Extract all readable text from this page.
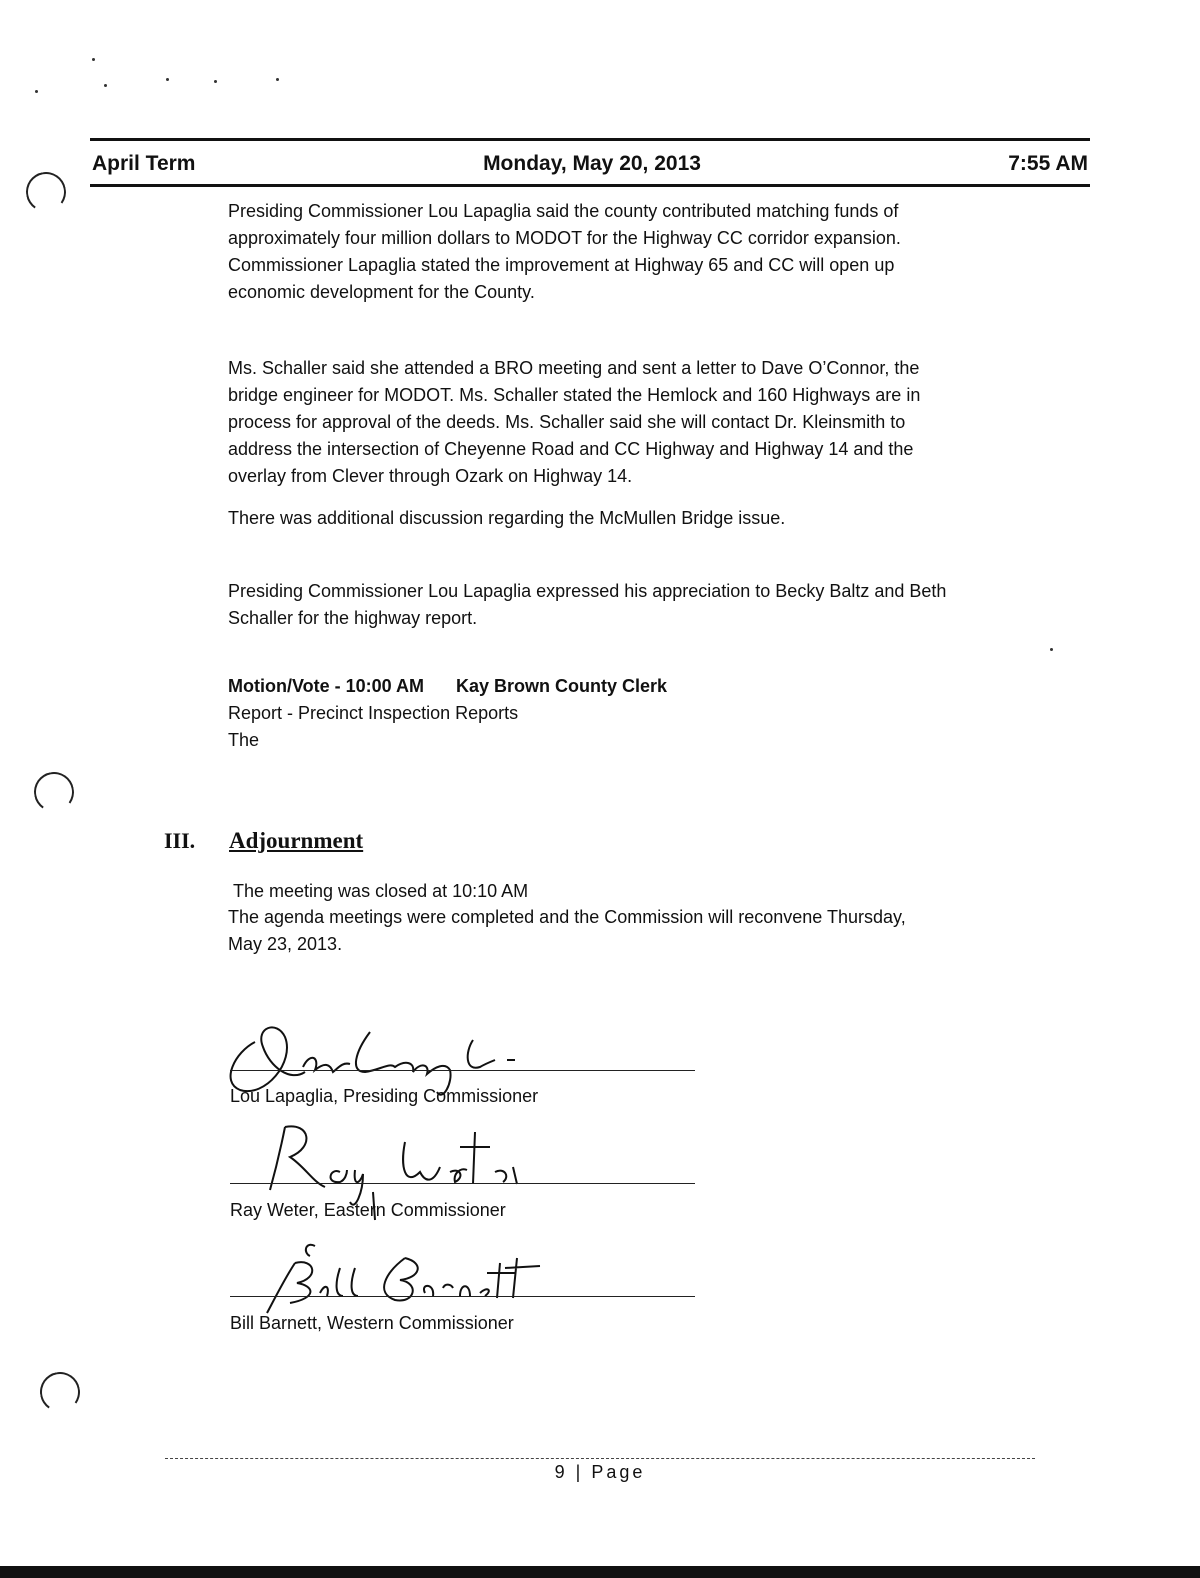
April Term	Monday, May 20, 2013	7:55 AM
Presiding Commissioner Lou Lapaglia said the county contributed matching funds of
approximately four million dollars to MODOT for the Highway CC corridor expansion.
Commissioner Lapaglia stated the improvement at Highway 65 and CC will open up
economic development for the County.
Ms. Schaller said she attended a BRO meeting and sent a letter to Dave O’Connor, the
bridge engineer for MODOT. Ms. Schaller stated the Hemlock and 160 Highways are in
process for approval of the deeds. Ms. Schaller said she will contact Dr. Kleinsmith to
address the intersection of Cheyenne Road and CC Highway and Highway 14 and the
overlay from Clever through Ozark on Highway 14.
There was additional discussion regarding the McMullen Bridge issue.
Presiding Commissioner Lou Lapaglia expressed his appreciation to Becky Baltz and Beth
Schaller for the highway report.
Motion/Vote - 10:00 AM Kay Brown County Clerk
Report - Precinct Inspection Reports
The
III. Adjournment
The meeting was closed at 10:10 AM
The agenda meetings were completed and the Commission will reconvene Thursday,
May 23, 2013.
Lou Lapaglia, Presiding Commissioner
Ray Weter, Eastern Commissioner
Bill Barnett, Western Commissioner
9 | Page
